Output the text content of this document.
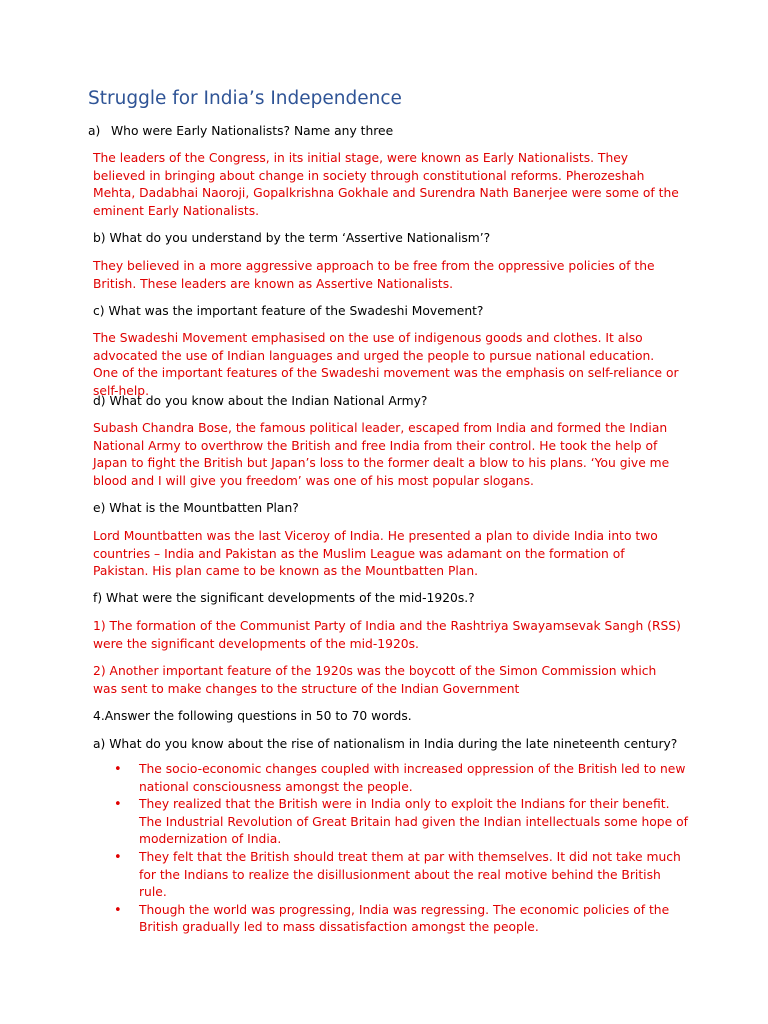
Struggle for India’s Independence

a) Who were Early Nationalists? Name any three

The leaders of the Congress, in its initial stage, were known as Early Nationalists. They believed in bringing about change in society through constitutional reforms. Pherozeshah Mehta, Dadabhai Naoroji, Gopalkrishna Gokhale and Surendra Nath Banerjee were some of the eminent Early Nationalists.

b) What do you understand by the term ‘Assertive Nationalism’?

They believed in a more aggressive approach to be free from the oppressive policies of the British. These leaders are known as Assertive Nationalists.

c) What was the important feature of the Swadeshi Movement?

The Swadeshi Movement emphasised on the use of indigenous goods and clothes. It also advocated the use of Indian languages and urged the people to pursue national education. One of the important features of the Swadeshi movement was the emphasis on self-reliance or self-help.

d) What do you know about the Indian National Army?

Subash Chandra Bose, the famous political leader, escaped from India and formed the Indian National Army to overthrow the British and free India from their control. He took the help of Japan to fight the British but Japan’s loss to the former dealt a blow to his plans. ‘You give me blood and I will give you freedom’ was one of his most popular slogans.

e) What is the Mountbatten Plan?

Lord Mountbatten was the last Viceroy of India. He presented a plan to divide India into two countries – India and Pakistan as the Muslim League was adamant on the formation of Pakistan. His plan came to be known as the Mountbatten Plan.

f) What were the significant developments of the mid-1920s.?

1) The formation of the Communist Party of India and the Rashtriya Swayamsevak Sangh (RSS) were the significant developments of the mid-1920s.

2) Another important feature of the 1920s was the boycott of the Simon Commission which was sent to make changes to the structure of the Indian Government

4.Answer the following questions in 50 to 70 words.

a) What do you know about the rise of nationalism in India during the late nineteenth century?

• The socio-economic changes coupled with increased oppression of the British led to new national consciousness amongst the people.
• They realized that the British were in India only to exploit the Indians for their benefit. The Industrial Revolution of Great Britain had given the Indian intellectuals some hope of modernization of India.
• They felt that the British should treat them at par with themselves. It did not take much for the Indians to realize the disillusionment about the real motive behind the British rule.
• Though the world was progressing, India was regressing. The economic policies of the British gradually led to mass dissatisfaction amongst the people.
